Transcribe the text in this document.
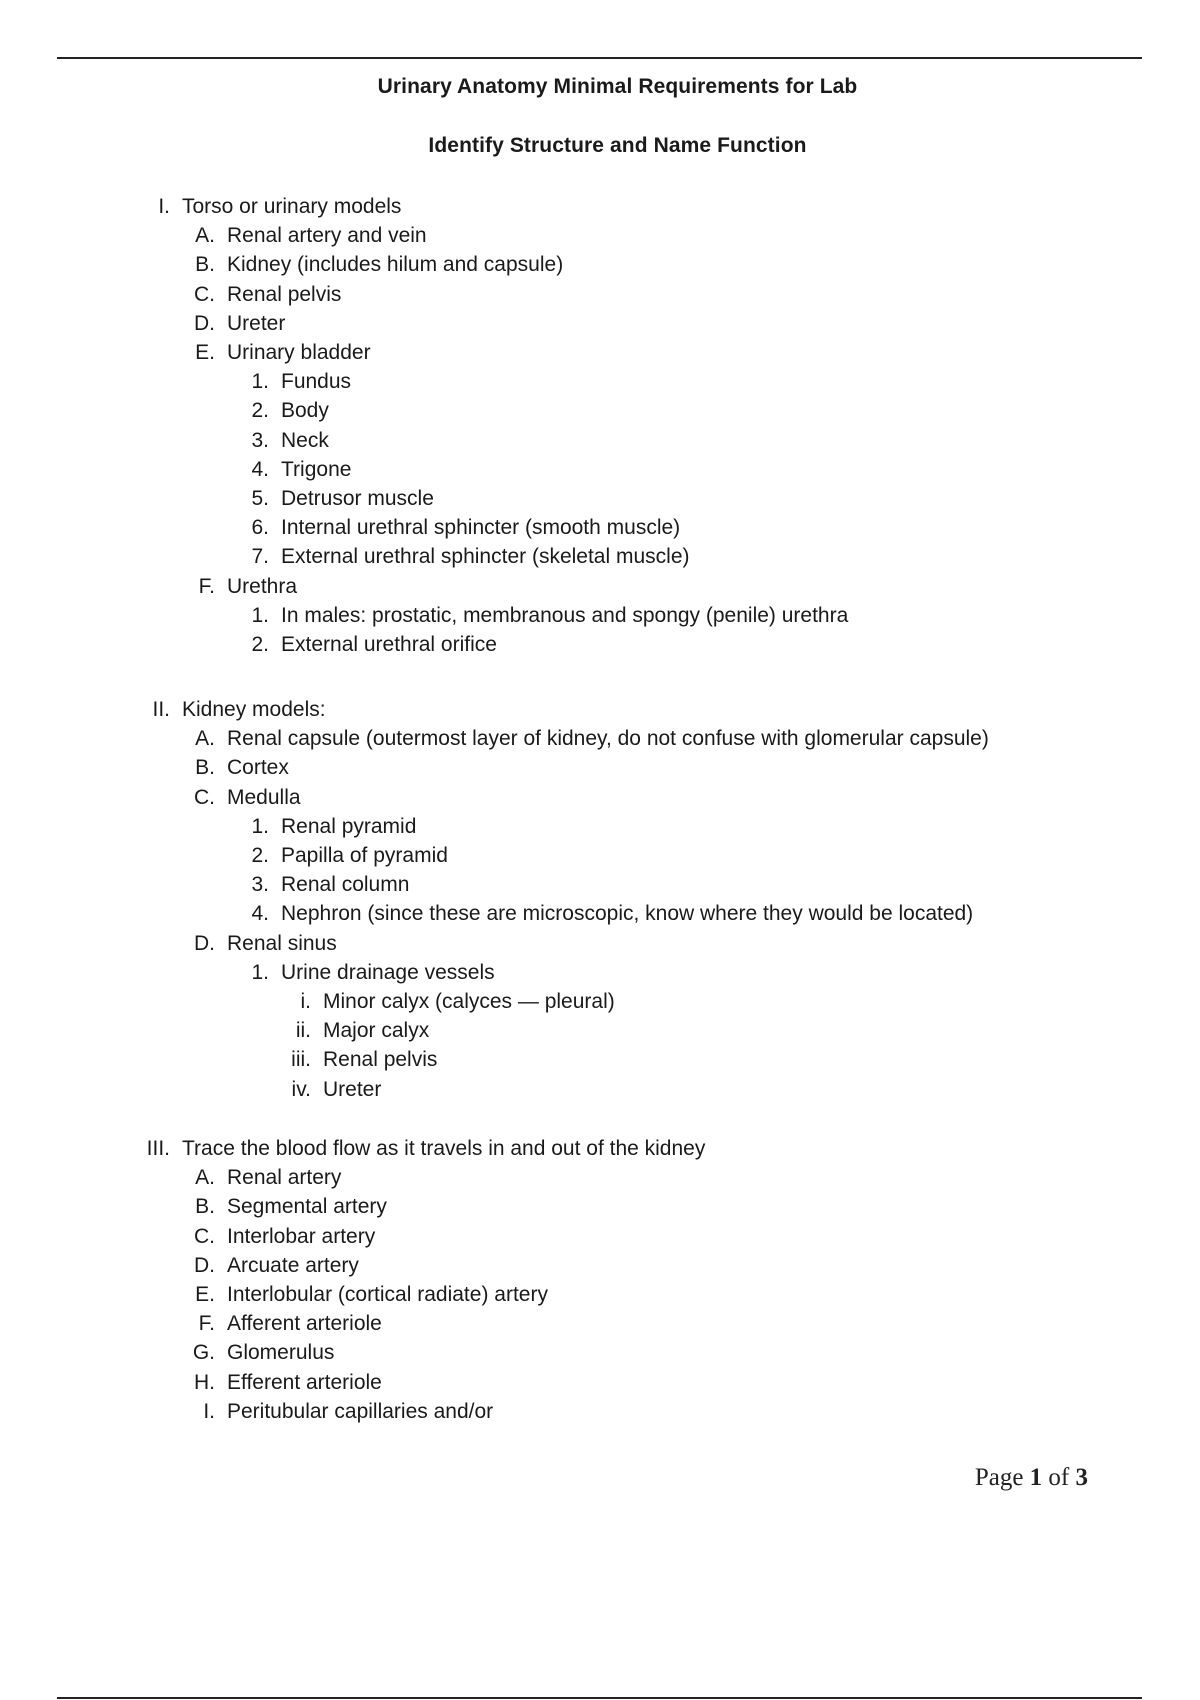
Urinary Anatomy Minimal Requirements for Lab
Identify Structure and Name Function
I. Torso or urinary models
A. Renal artery and vein
B. Kidney (includes hilum and capsule)
C. Renal pelvis
D. Ureter
E. Urinary bladder
1. Fundus
2. Body
3. Neck
4. Trigone
5. Detrusor muscle
6. Internal urethral sphincter (smooth muscle)
7. External urethral sphincter (skeletal muscle)
F. Urethra
1. In males: prostatic, membranous and spongy (penile) urethra
2. External urethral orifice
II. Kidney models:
A. Renal capsule (outermost layer of kidney, do not confuse with glomerular capsule)
B. Cortex
C. Medulla
1. Renal pyramid
2. Papilla of pyramid
3. Renal column
4. Nephron (since these are microscopic, know where they would be located)
D. Renal sinus
1. Urine drainage vessels
i. Minor calyx (calyces — pleural)
ii. Major calyx
iii. Renal pelvis
iv. Ureter
III. Trace the blood flow as it travels in and out of the kidney
A. Renal artery
B. Segmental artery
C. Interlobar artery
D. Arcuate artery
E. Interlobular (cortical radiate) artery
F. Afferent arteriole
G. Glomerulus
H. Efferent arteriole
I. Peritubular capillaries and/or
Page 1 of 3
